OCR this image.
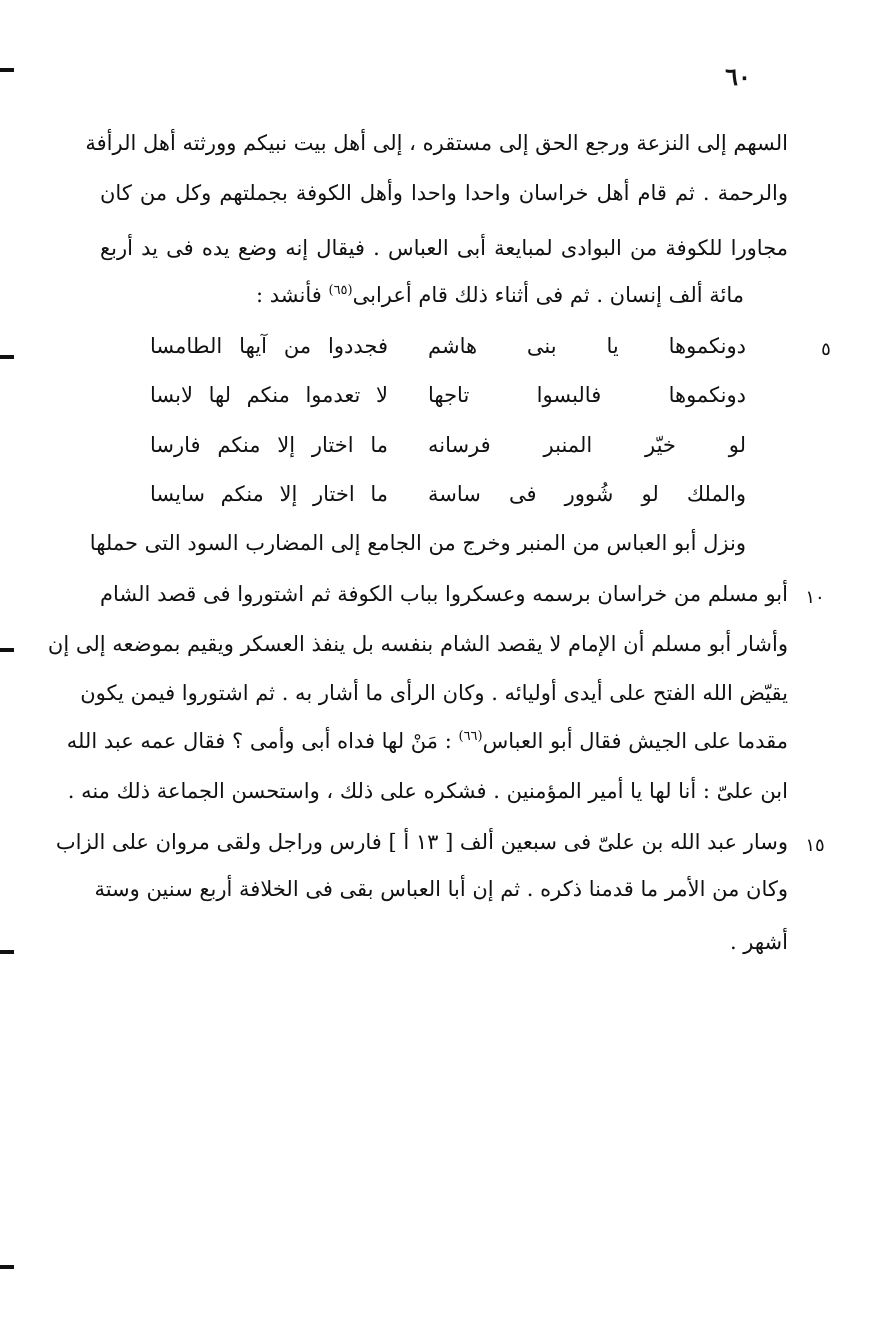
٦٠
السهم إلى النزعة ورجع الحق إلى مستقره ، إلى أهل بيت نبيكم وورثته أهل الرأفة
والرحمة . ثم قام أهل خراسان واحدا واحدا وأهل الكوفة بجملتهم وكل من كان
مجاورا للكوفة من البوادى لمبايعة أبى العباس . فيقال إنه وضع يده فى يد أربع
مائة ألف إنسان . ثم فى أثناء ذلك قام أعرابى$^{(٦٥)}$ فأنشد :
٥
دونكموها يا بنى هاشم
فجددوا من آيها الطامسا
دونكموها فالبسوا تاجها
لا تعدموا منكم لها لابسا
لو خيّر المنبر فرسانه
ما اختار إلا منكم فارسا
والملك لو شُوور فى ساسة
ما اختار إلا منكم سايسا
ونزل أبو العباس من المنبر وخرج من الجامع إلى المضارب السود التى حملها
أبو مسلم من خراسان برسمه وعسكروا بباب الكوفة ثم اشتوروا فى قصد الشام ١٠
وأشار أبو مسلم أن الإمام لا يقصد الشام بنفسه بل ينفذ العسكر ويقيم بموضعه إلى إن
يقيّض الله الفتح على أيدى أوليائه . وكان الرأى ما أشار به . ثم اشتوروا فيمن يكون
مقدما على الجيش فقال أبو العباس$^{(٦٦)}$ : مَنْ لها فداه أبى وأمى ؟ فقال عمه عبد الله
ابن علىّ : أنا لها يا أمير المؤمنين . فشكره على ذلك ، واستحسن الجماعة ذلك منه .
وسار عبد الله بن علىّ فى سبعين ألف [ ١٣ أ ] فارس وراجل ولقى مروان على الزاب ١٥
وكان من الأمر ما قدمنا ذكره . ثم إن أبا العباس بقى فى الخلافة أربع سنين وستة
أشهر .
